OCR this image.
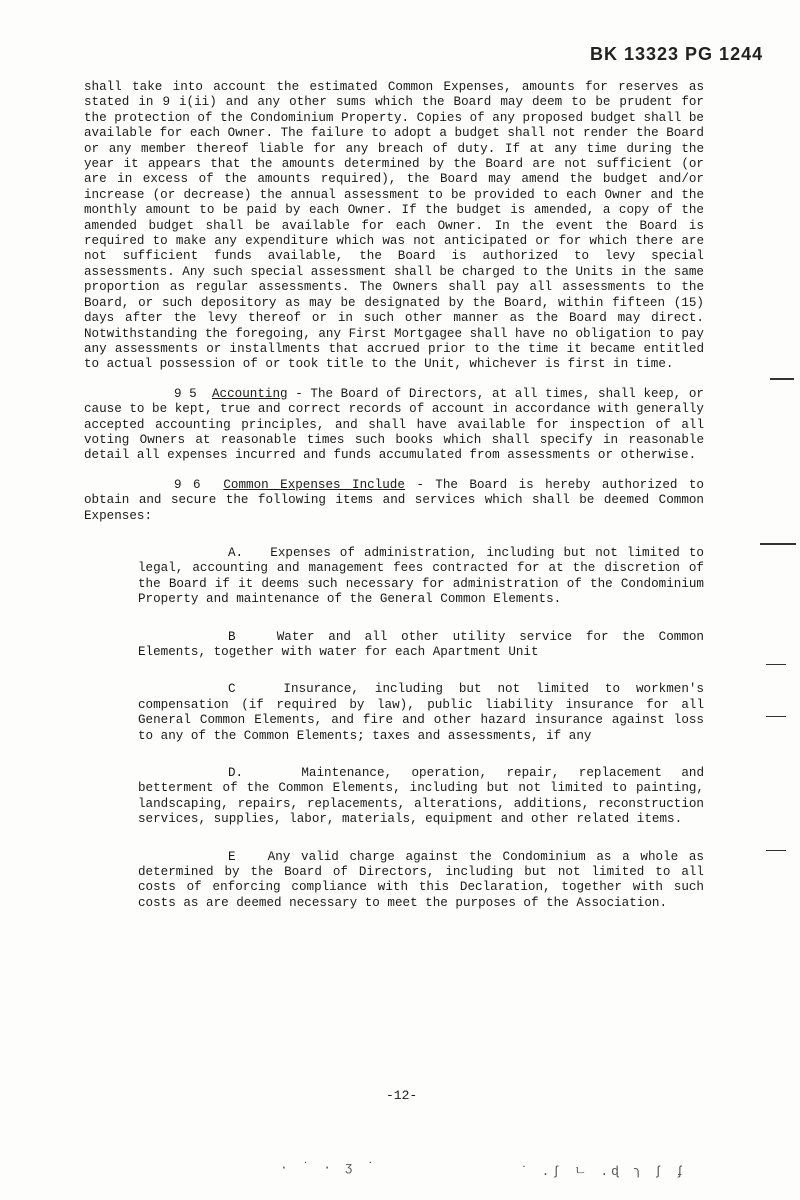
BK 13323 PG 1244

shall take into account the estimated Common Expenses, amounts for reserves as stated in 9 i(ii) and any other sums which the Board may deem to be prudent for the protection of the Condominium Property. Copies of any proposed budget shall be available for each Owner. The failure to adopt a budget shall not render the Board or any member thereof liable for any breach of duty. If at any time during the year it appears that the amounts determined by the Board are not sufficient (or are in excess of the amounts required), the Board may amend the budget and/or increase (or decrease) the annual assessment to be provided to each Owner and the monthly amount to be paid by each Owner. If the budget is amended, a copy of the amended budget shall be available for each Owner. In the event the Board is required to make any expenditure which was not anticipated or for which there are not sufficient funds available, the Board is authorized to levy special assessments. Any such special assessment shall be charged to the Units in the same proportion as regular assessments. The Owners shall pay all assessments to the Board, or such depository as may be designated by the Board, within fifteen (15) days after the levy thereof or in such other manner as the Board may direct. Notwithstanding the foregoing, any First Mortgagee shall have no obligation to pay any assessments or installments that accrued prior to the time it became entitled to actual possession of or took title to the Unit, whichever is first in time.

9 5 Accounting - The Board of Directors, at all times, shall keep, or cause to be kept, true and correct records of account in accordance with generally accepted accounting principles, and shall have available for inspection of all voting Owners at reasonable times such books which shall specify in reasonable detail all expenses incurred and funds accumulated from assessments or otherwise.

9 6 Common Expenses Include - The Board is hereby authorized to obtain and secure the following items and services which shall be deemed Common Expenses:

A. Expenses of administration, including but not limited to legal, accounting and management fees contracted for at the discretion of the Board if it deems such necessary for administration of the Condominium Property and maintenance of the General Common Elements.
B	Water and all other utility service for the Common Elements, together with water for each Apartment Unit
C	Insurance, including but not limited to workmen's compensation (if required by law), public liability insurance for all General Common Elements, and fire and other hazard insurance against loss to any of the Common Elements; taxes and assessments, if any
D.	Maintenance, operation, repair, replacement and betterment of the Common Elements, including but not limited to painting, landscaping, repairs, replacements, alterations, additions, reconstruction services, supplies, labor, materials, equipment and other related items.
E	Any valid charge against the Condominium as a whole as determined by the Board of Directors, including but not limited to all costs of enforcing compliance with this Declaration, together with such costs as are deemed necessary to meet the purposes of the Association.
-12-
· ˙ · ʒ ˙	˙ .ʃ ㄴ .ɖ ɿ ʃ ʄ
